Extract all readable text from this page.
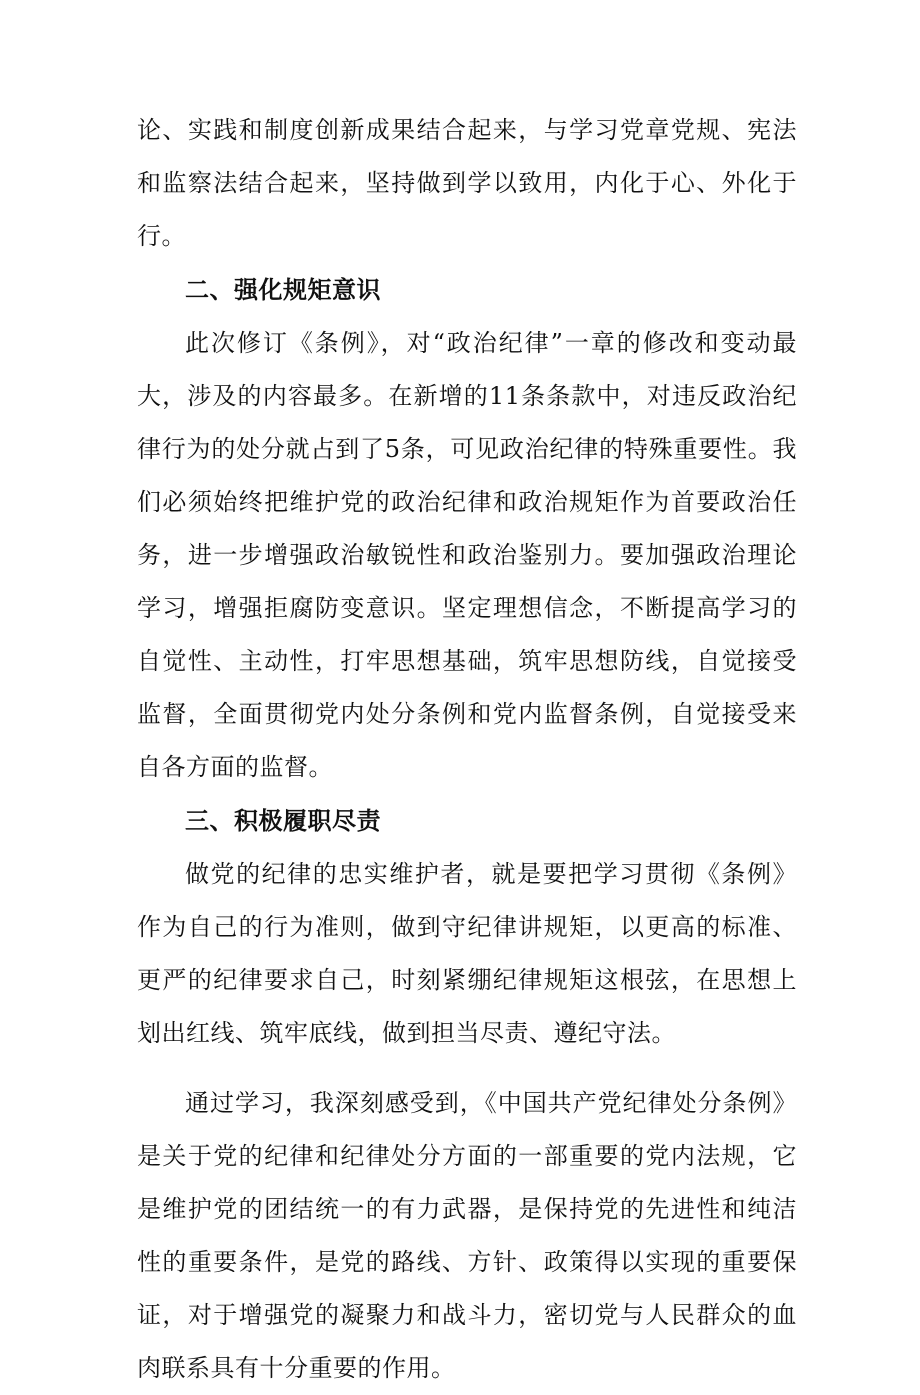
论、实践和制度创新成果结合起来，与学习党章党规、宪法和监察法结合起来，坚持做到学以致用，内化于心、外化于行。

二、强化规矩意识

此次修订《条例》，对“政治纪律”一章的修改和变动最大，涉及的内容最多。在新增的11条条款中，对违反政治纪律行为的处分就占到了5条，可见政治纪律的特殊重要性。我们必须始终把维护党的政治纪律和政治规矩作为首要政治任务，进一步增强政治敏锐性和政治鉴别力。要加强政治理论学习，增强拒腐防变意识。坚定理想信念，不断提高学习的自觉性、主动性，打牢思想基础，筑牢思想防线，自觉接受监督，全面贯彻党内处分条例和党内监督条例，自觉接受来自各方面的监督。

三、积极履职尽责

做党的纪律的忠实维护者，就是要把学习贯彻《条例》作为自己的行为准则，做到守纪律讲规矩，以更高的标准、更严的纪律要求自己，时刻紧绷纪律规矩这根弦，在思想上划出红线、筑牢底线，做到担当尽责、遵纪守法。

通过学习，我深刻感受到，《中国共产党纪律处分条例》是关于党的纪律和纪律处分方面的一部重要的党内法规，它是维护党的团结统一的有力武器，是保持党的先进性和纯洁性的重要条件，是党的路线、方针、政策得以实现的重要保证，对于增强党的凝聚力和战斗力，密切党与人民群众的血肉联系具有十分重要的作用。
